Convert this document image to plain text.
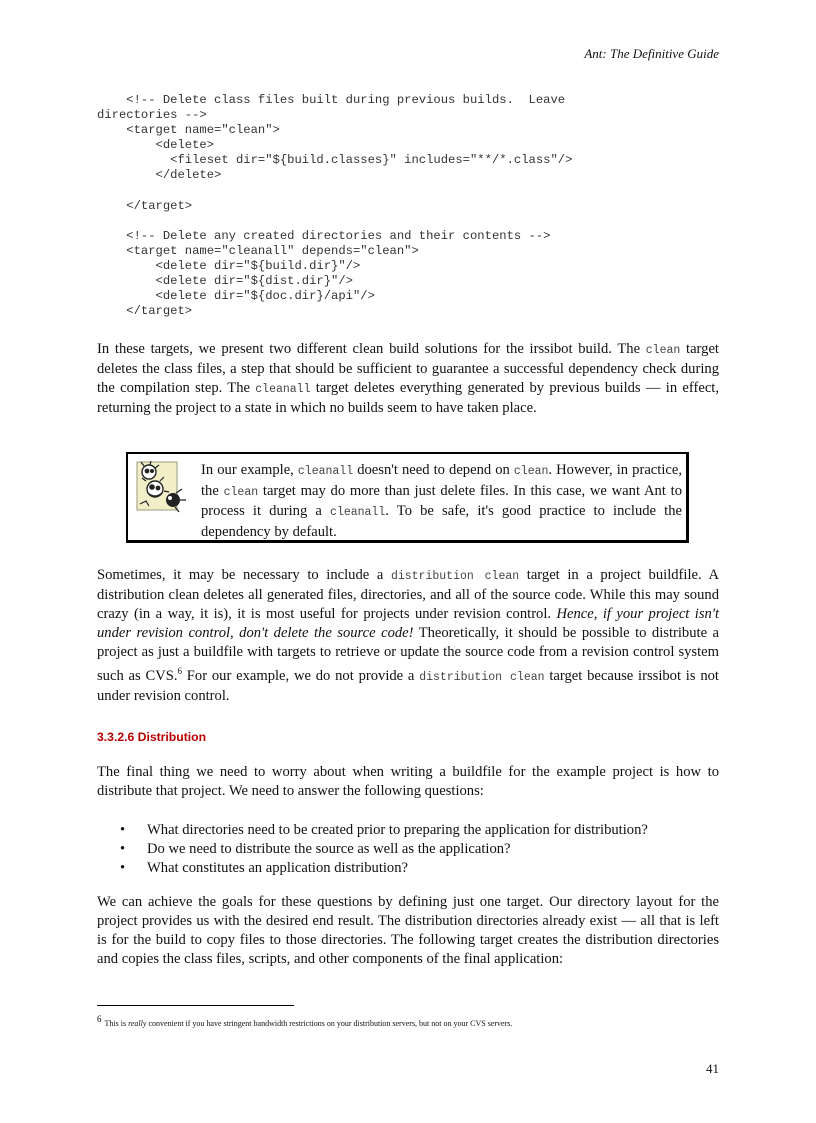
Ant: The Definitive Guide
<!-- Delete class files built during previous builds.  Leave
directories -->
<target name="clean">
<delete>
<fileset dir="${build.classes}" includes="**/*.class"/>
</delete>

</target>

<!-- Delete any created directories and their contents -->
<target name="cleanall" depends="clean">
<delete dir="${build.dir}"/>
<delete dir="${dist.dir}"/>
<delete dir="${doc.dir}/api"/>
</target>

In these targets, we present two different clean build solutions for the irssibot build. The clean target deletes the class files, a step that should be sufficient to guarantee a successful dependency check during the compilation step. The cleanall target deletes everything generated by previous builds — in effect, returning the project to a state in which no builds seem to have taken place.

In our example, cleanall doesn't need to depend on clean. However, in practice, the clean target may do more than just delete files. In this case, we want Ant to process it during a cleanall. To be safe, it's good practice to include the dependency by default.

Sometimes, it may be necessary to include a distribution clean target in a project buildfile. A distribution clean deletes all generated files, directories, and all of the source code. While this may sound crazy (in a way, it is), it is most useful for projects under revision control. Hence, if your project isn't under revision control, don't delete the source code! Theoretically, it should be possible to distribute a project as just a buildfile with targets to retrieve or update the source code from a revision control system such as CVS.$^6$ For our example, we do not provide a distribution clean target because irssibot is not under revision control.

3.3.2.6 Distribution

The final thing we need to worry about when writing a buildfile for the example project is how to distribute that project. We need to answer the following questions:

• What directories need to be created prior to preparing the application for distribution?
• Do we need to distribute the source as well as the application?
• What constitutes an application distribution?

We can achieve the goals for these questions by defining just one target. Our directory layout for the project provides us with the desired end result. The distribution directories already exist — all that is left is for the build to copy files to those directories. The following target creates the distribution directories and copies the class files, scripts, and other components of the final application:

$^6$ This is really convenient if you have stringent bandwidth restrictions on your distribution servers, but not on your CVS servers.
41
